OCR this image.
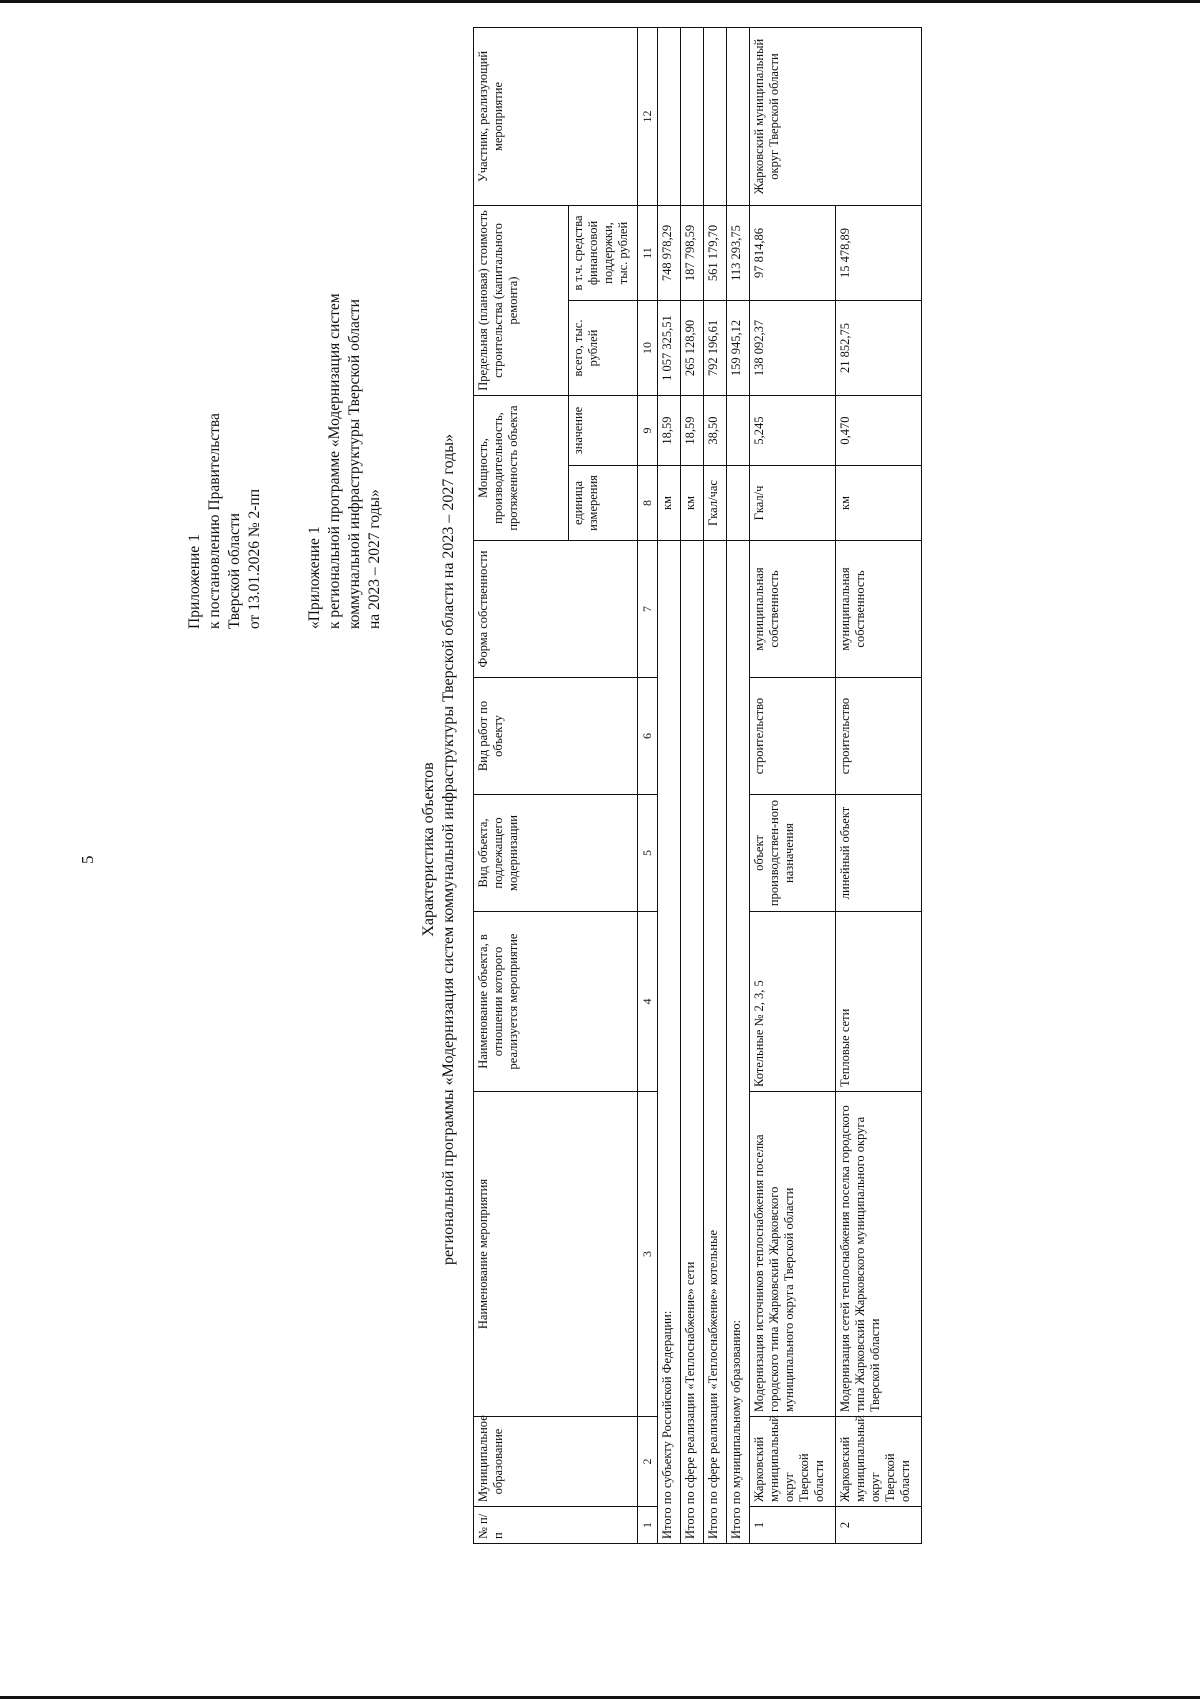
5
Приложение 1 к постановлению Правительства Тверской области от 13.01.2026 № 2-пп	«Приложение 1 к региональной программе «Модернизация систем коммунальной инфраструктуры Тверской области на 2023 – 2027 годы»
Характеристика объектов региональной программы «Модернизация систем коммунальной инфраструктуры Тверской области на 2023 – 2027 годы»
№ п/п	Муниципальное образование	Наименование мероприятия	Наименование объекта, в отношении которого реализуется мероприятие	Вид объекта, подлежащего модернизации	Вид работ по объекту	Форма собственности	Мощность, производительность, протяженность объекта		Предельная (плановая) стоимость строительства (капитального ремонта)		Участник, реализующий мероприятие
							единица измерения	значение	всего, тыс. рублей	в т.ч. средства финансовой поддержки, тыс. рублей	
1	2	3	4	5	6	7	8	9	10	11	12
Итого по субъекту Российской Федерации:							км	18,59	1 057 325,51	748 978,29	
Итого по сфере реализации «Теплоснабжение» сети							км	18,59	265 128,90	187 798,59	
Итого по сфере реализации «Теплоснабжение» котельные							Гкал/час	38,50	792 196,61	561 179,70	
Итого по муниципальному образованию:									159 945,12	113 293,75	
1	Жарковский муниципальный округ Тверской области	Модернизация источников теплоснабжения поселка городского типа Жарковский Жарковского муниципального округа Тверской области	Котельные № 2, 3, 5	объект производствен-ного назначения	строительство	муниципальная собственность	Гкал/ч	5,245	138 092,37	97 814,86	Жарковский муниципальный округ Тверской области
2	Жарковский муниципальный округ Тверской области	Модернизация сетей теплоснабжения поселка городского типа Жарковский Жарковского муниципального округа Тверской области	Тепловые сети	линейный объект	строительство	муниципальная собственность	км	0,470	21 852,75	15 478,89	
